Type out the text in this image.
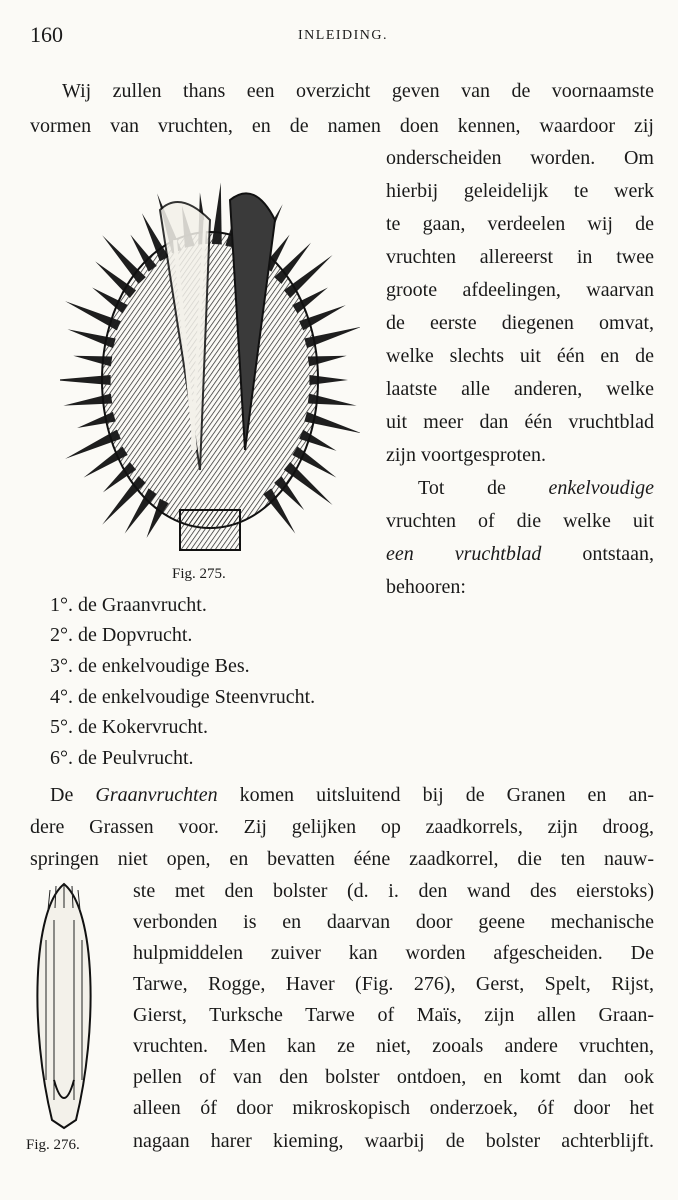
160	INLEIDING.
Wij zullen thans een overzicht geven van de voornaamste
vormen van vruchten, en de namen doen kennen, waardoor zij
onderscheiden worden. Om
hierbij geleidelijk te werk
te gaan, verdeelen wij de
vruchten allereerst in twee
groote afdeelingen, waarvan
de eerste diegenen omvat,
welke slechts uit één en de
laatste alle anderen, welke
uit meer dan één vruchtblad
zijn voortgesproten.
Tot de enkelvoudige
vruchten of die welke uit
een vruchtblad ontstaan,
behooren:
Fig. 275.
1°. de Graanvrucht.
2°. de Dopvrucht.
3°. de enkelvoudige Bes.
4°. de enkelvoudige Steenvrucht.
5°. de Kokervrucht.
6°. de Peulvrucht.
De Graanvruchten komen uitsluitend bij de Granen en an-
dere Grassen voor. Zij gelijken op zaadkorrels, zijn droog,
springen niet open, en bevatten ééne zaadkorrel, die ten nauw-
ste met den bolster (d. i. den wand des eierstoks)
verbonden is en daarvan door geene mechanische
hulpmiddelen zuiver kan worden afgescheiden. De
Tarwe, Rogge, Haver (Fig. 276), Gerst, Spelt, Rijst,
Gierst, Turksche Tarwe of Maïs, zijn allen Graan-
vruchten. Men kan ze niet, zooals andere vruchten,
pellen of van den bolster ontdoen, en komt dan ook
alleen óf door mikroskopisch onderzoek, óf door het
nagaan harer kieming, waarbij de bolster achterblijft.
Fig. 276.
